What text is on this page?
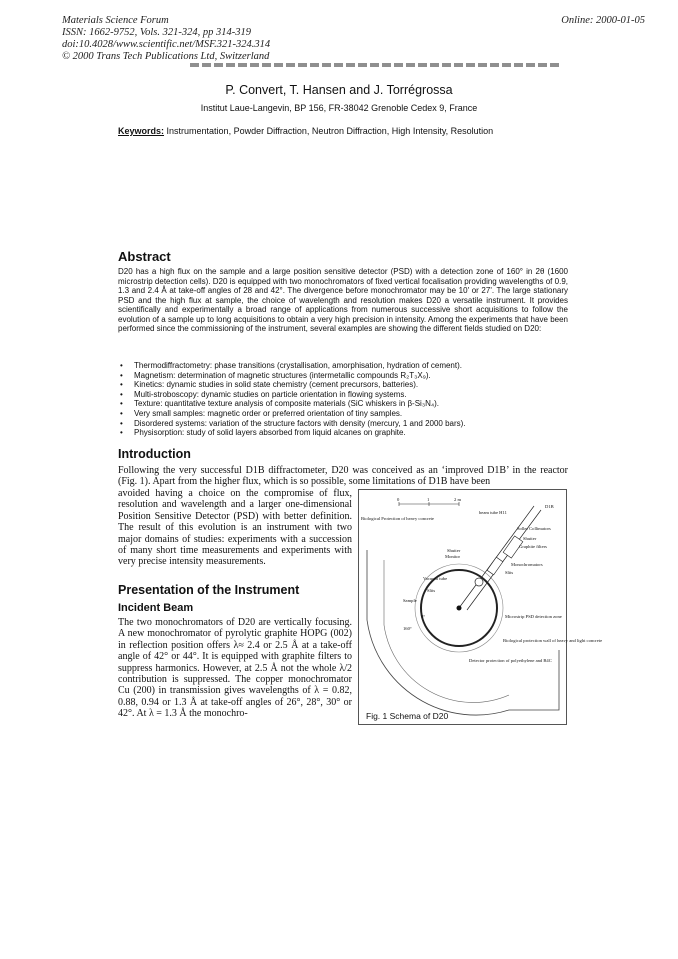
Materials Science Forum
ISSN: 1662-9752, Vols. 321-324, pp 314-319
doi:10.4028/www.scientific.net/MSF.321-324.314
© 2000 Trans Tech Publications Ltd, Switzerland
Online: 2000-01-05
P. Convert, T. Hansen and J. Torrégrossa
Institut Laue-Langevin, BP 156, FR-38042 Grenoble Cedex 9, France
Keywords: Instrumentation, Powder Diffraction, Neutron Diffraction, High Intensity, Resolution
Abstract
D20 has a high flux on the sample and a large position sensitive detector (PSD) with a detection zone of 160° in 2θ (1600 microstrip detection cells). D20 is equipped with two monochromators of fixed vertical focalisation providing wavelengths of 0.9, 1.3 and 2.4 Å at take-off angles of 28 and 42°. The divergence before monochromator may be 10' or 27'. The large stationary PSD and the high flux at sample, the choice of wavelength and resolution makes D20 a versatile instrument. It provides scientifically and experimentally a broad range of applications from numerous successive short acquisitions to follow the evolution of a sample up to long acquisitions to obtain a very high precision in intensity. Among the experiments that have been performed since the commissioning of the instrument, several examples are showing the different fields studied on D20:
• Thermodiffractometry: phase transitions (crystallisation, amorphisation, hydration of cement).
• Magnetism: determination of magnetic structures (intermetallic compounds R₂T₃X₉).
• Kinetics: dynamic studies in solid state chemistry (cement precursors, batteries).
• Multi-stroboscopy: dynamic studies on particle orientation in flowing systems.
• Texture: quantitative texture analysis of composite materials (SiC whiskers in β-Si₃N₄).
• Very small samples: magnetic order or preferred orientation of tiny samples.
• Disordered systems: variation of the structure factors with density (mercury, 1 and 2000 bars).
• Physisorption: study of solid layers absorbed from liquid alcanes on graphite.
Introduction
Following the very successful D1B diffractometer, D20 was conceived as an ‘improved D1B’ in the reactor (Fig. 1). Apart from the higher flux, which is so possible, some limitations of D1B have been
avoided having a choice on the compromise of flux, resolution and wavelength and a larger one-dimensional Position Sensitive Detector (PSD) with better definition. The result of this evolution is an instrument with two major domains of studies: experiments with a succession of many short time measurements and experiments with very precise intensity measurements.
Presentation of the Instrument
Incident Beam
The two monochromators of D20 are vertically focusing. A new monochromator of pyrolytic graphite HOPG (002) in reflection position offers λ≈ 2.4 or 2.5 Å at a take-off angle of 42° or 44°. It is equipped with graphite filters to suppress harmonics. However, at 2.5 Å not the whole λ/2 contribution is suppressed. The copper monochromator Cu (200) in transmission gives wavelengths of λ = 0.82, 0.88, 0.94 or 1.3 Å at take-off angles of 26°, 28°, 30° or 42°. At λ = 1.3 Å the monochro-
0	1	2 m
Biological Protection of heavy concrete
beam tube H11
D1B
Soller Collimators
Shutter
Graphite filters
Shutter
Monitor
Monochromators
Slits
Vacuum tube
Slits
Sample
Microstrip PSD detection zone
Biological protection wall of heavy and light concrete
Detector protection of polyethylene and B4C
0°
160°
Fig. 1 Schema of D20
